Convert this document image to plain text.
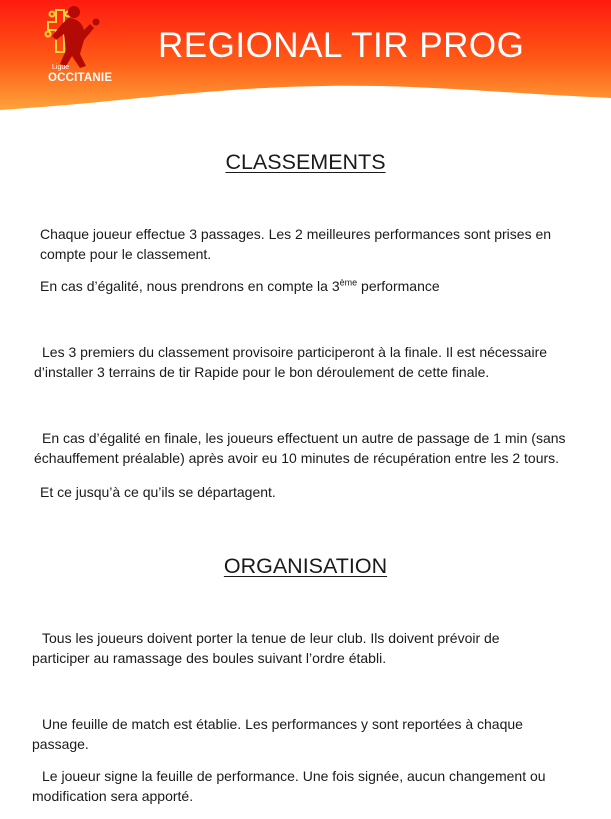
Ligue
OCCITANIE
REGIONAL TIR PROG
CLASSEMENTS
Chaque joueur effectue 3 passages. Les 2 meilleures performances sont prises en
compte pour le classement.
En cas d’égalité, nous prendrons en compte la 3ème performance
Les 3 premiers du classement provisoire participeront à la finale. Il est nécessaire
d’installer 3 terrains de tir Rapide pour le bon déroulement de cette finale.
En cas d’égalité en finale, les joueurs effectuent un autre de passage de 1 min (sans
échauffement préalable) après avoir eu 10 minutes de récupération entre les 2 tours.
Et ce jusqu’à ce qu’ils se départagent.
ORGANISATION
Tous les joueurs doivent porter la tenue de leur club. Ils doivent prévoir de
participer au ramassage des boules suivant l’ordre établi.
Une feuille de match est établie. Les performances y sont reportées à chaque
passage.
Le joueur signe la feuille de performance. Une fois signée, aucun changement ou
modification sera apporté.
